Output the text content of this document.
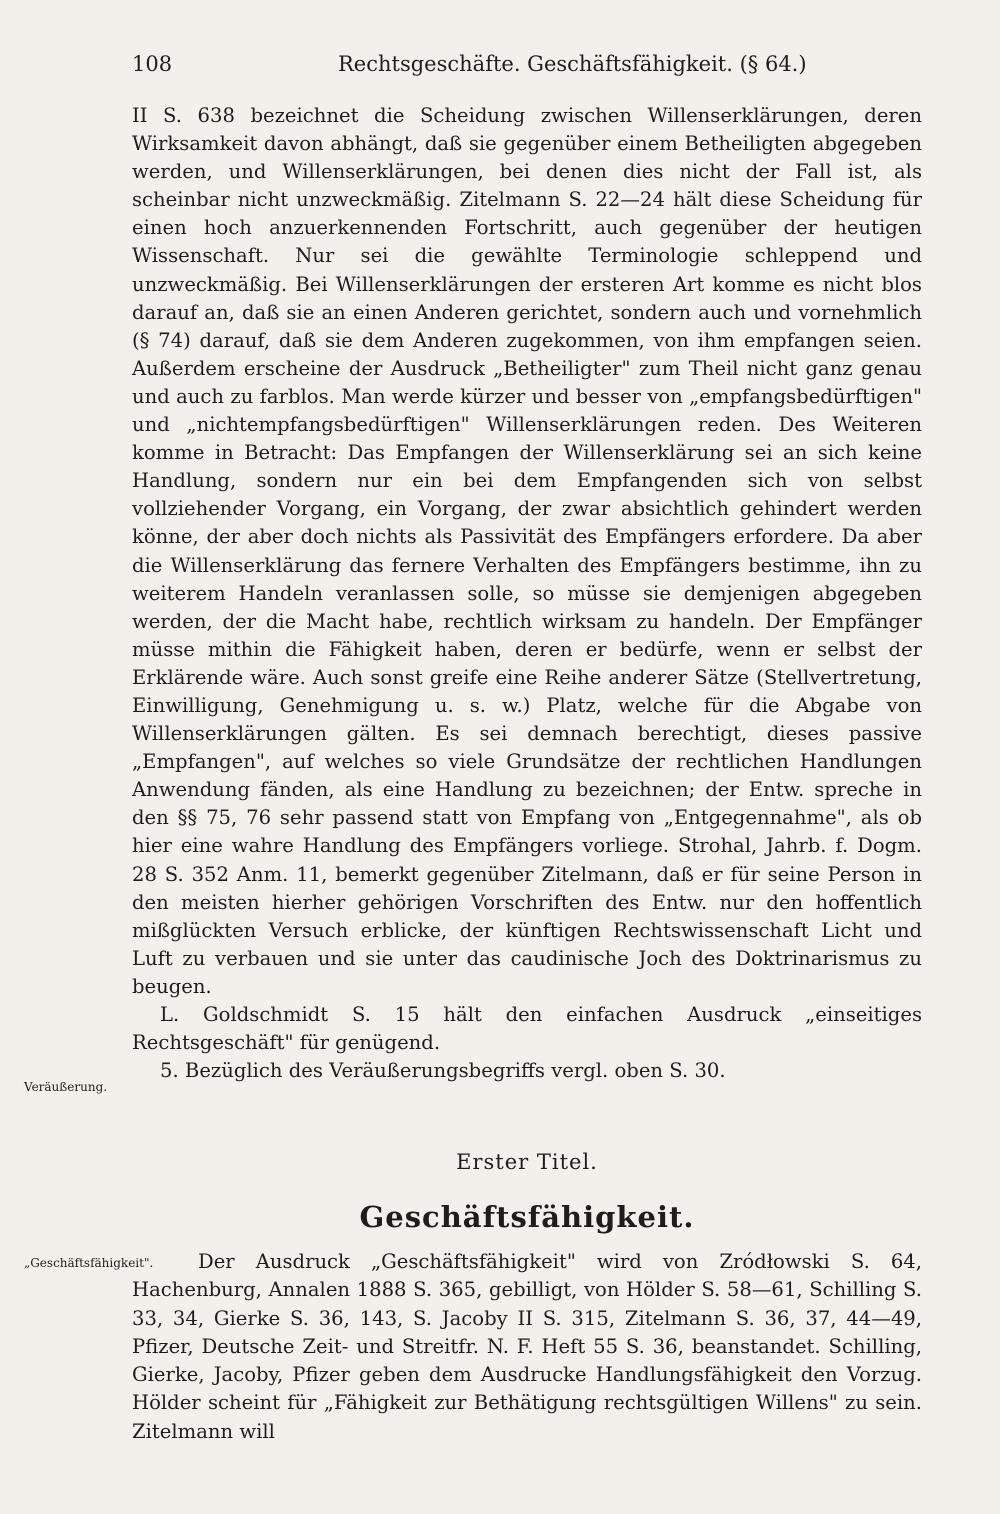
108	Rechtsgeschäfte. Geschäftsfähigkeit. (§ 64.)

II S. 638 bezeichnet die Scheidung zwischen Willenserklärungen, deren Wirksamkeit davon abhängt, daß sie gegenüber einem Betheiligten abgegeben werden, und Willenserklärungen, bei denen dies nicht der Fall ist, als scheinbar nicht unzweckmäßig. Zitelmann S. 22—24 hält diese Scheidung für einen hoch anzuerkennenden Fortschritt, auch gegenüber der heutigen Wissenschaft. Nur sei die gewählte Terminologie schleppend und unzweckmäßig. Bei Willenserklärungen der ersteren Art komme es nicht blos darauf an, daß sie an einen Anderen gerichtet, sondern auch und vornehmlich (§ 74) darauf, daß sie dem Anderen zugekommen, von ihm empfangen seien. Außerdem erscheine der Ausdruck „Betheiligter" zum Theil nicht ganz genau und auch zu farblos. Man werde kürzer und besser von „empfangsbedürftigen" und „nichtempfangsbedürftigen" Willenserklärungen reden. Des Weiteren komme in Betracht: Das Empfangen der Willenserklärung sei an sich keine Handlung, sondern nur ein bei dem Empfangenden sich von selbst vollziehender Vorgang, ein Vorgang, der zwar absichtlich gehindert werden könne, der aber doch nichts als Passivität des Empfängers erfordere. Da aber die Willenserklärung das fernere Verhalten des Empfängers bestimme, ihn zu weiterem Handeln veranlassen solle, so müsse sie demjenigen abgegeben werden, der die Macht habe, rechtlich wirksam zu handeln. Der Empfänger müsse mithin die Fähigkeit haben, deren er bedürfe, wenn er selbst der Erklärende wäre. Auch sonst greife eine Reihe anderer Sätze (Stellvertretung, Einwilligung, Genehmigung u. s. w.) Platz, welche für die Abgabe von Willenserklärungen gälten. Es sei demnach berechtigt, dieses passive „Empfangen", auf welches so viele Grundsätze der rechtlichen Handlungen Anwendung fänden, als eine Handlung zu bezeichnen; der Entw. spreche in den §§ 75, 76 sehr passend statt von Empfang von „Entgegennahme", als ob hier eine wahre Handlung des Empfängers vorliege. Strohal, Jahrb. f. Dogm. 28 S. 352 Anm. 11, bemerkt gegenüber Zitelmann, daß er für seine Person in den meisten hierher gehörigen Vorschriften des Entw. nur den hoffentlich mißglückten Versuch erblicke, der künftigen Rechtswissenschaft Licht und Luft zu verbauen und sie unter das caudinische Joch des Doktrinarismus zu beugen.

L. Goldschmidt S. 15 hält den einfachen Ausdruck „einseitiges Rechtsgeschäft" für genügend.

5. Bezüglich des Veräußerungsbegriffs vergl. oben S. 30.

Veräußerung.
Erster Titel.
Geschäftsfähigkeit.
„Geschäftsfähigkeit".	Der Ausdruck „Geschäftsfähigkeit" wird von Zródłowski S. 64, Hachenburg, Annalen 1888 S. 365, gebilligt, von Hölder S. 58—61, Schilling S. 33, 34, Gierke S. 36, 143, S. Jacoby II S. 315, Zitelmann S. 36, 37, 44—49, Pfizer, Deutsche Zeit- und Streitfr. N. F. Heft 55 S. 36, beanstandet. Schilling, Gierke, Jacoby, Pfizer geben dem Ausdrucke Handlungsfähigkeit den Vorzug. Hölder scheint für „Fähigkeit zur Bethätigung rechtsgültigen Willens" zu sein. Zitelmann will
